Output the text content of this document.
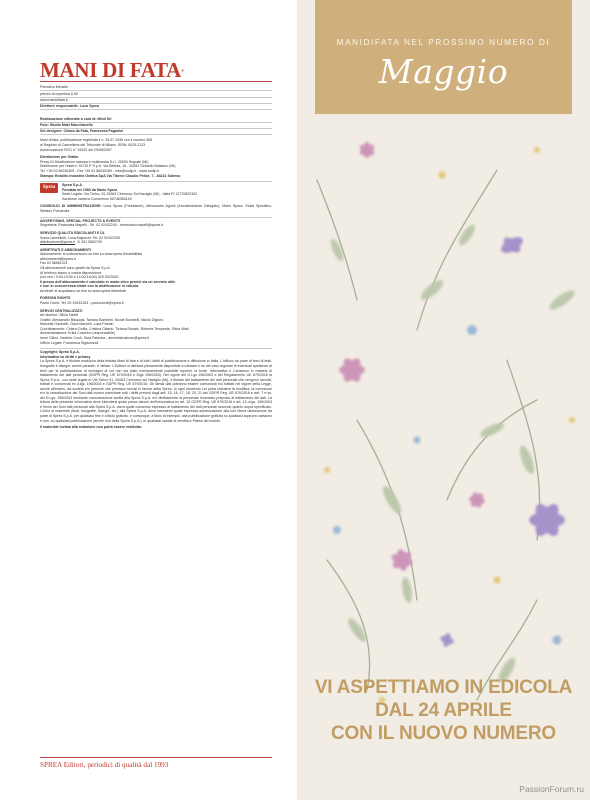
MANI DI FATA®
Periodico Mensile
prezzo di copertina 6,50
www.manidifata.it
Direttore responsabile: Luca Sprea
Realizzazione editoriale a cura di: Mind Srl
Foto: Studio Maki Macchiavello
Set designer: Chiara da Fata, Francesca Paganini
Mani di fata, pubblicazione registrata il n. 28.07.1945 con il numero 306
al Registro di Cancelleria del Tribunale di Milano. ISSN: 0025-2123
Autorizzazione ROC n° 16192 del 29/08/2007
Distributore per l'Italia:
Press-Di Distribuzione stampa e multimedia S.r.l. 20090 Segrate (MI)
Distributore per l'estero: SO.DI.P S.p.A. Via Bettola, 18 - 20092 Cinisello Balsamo (MI)
Tel. +39 02 66030400 - Fax +39 02 66030269 - sies@sodip.it - www.sodip.it
Stampa: Rotolito Industria Grafica SpA Via Tiberio Claudio Felice, 7 - 84131 Salerno
Sprea	Sprea S.p.A.
Fondata nel 1983 da Mario Sprea
Sede Legale: Via Torino, 51 20063 Cernusco Sul Naviglio (MI) - Italia PI 12770820152
Iscrizione camera Commercio 00746350149
CONSIGLIO DI AMMINISTRAZIONE: Luca Sprea (Presidente), Alessandro Agnoli (Amministratore Delegato), Mario Sprea, Giulia Spreafico, Stefano Pomarolla
ADVERTISING, SPECIAL PROJECTS & EVENTS
Segreteria: Emanuela Mapelli - Tel. 02 92432244 - emanuela.mapelli@sprea.it
SERVIZIO QUALITÀ EDICOLANTI E DL
Sonia Lancellotti, Luca Majocchi: Tel. 02 92432295
distribuzione@sprea.it ✆ 351 5582739
ARRETRATI E ABBONAMENTI
Abbonamenti: si sottoscrivono on-line su www.sprea.it/manidifata
abbonamenti@sprea.it
Fax 02 56561221
Gli abbonamenti sono gestiti da Sprea S.p.A.
Al telefono siamo a vostra disposizione
(lun-ven / 9:00-13:00 e 14:00-18:00) 325 3923420
Il prezzo dell'abbonamento è calcolato in modo etico perché sia un servizio utile
e non in concorrenza sleale con la distribuzione in edicola.
Arretrati: si acquistano on-line su www.sprea.it/arretrati
FOREIGN RIGHTS
Paolo Cionti: Tel. 02 92432253 - paolocionti@sprea.it
SERVIZI CENTRALIZZATI
Art director: Silvia Taietti
Grafici: Alessandro Bisquola, Tamara Bombelli, Nicole Bombelli, Nicolò Digiuni,
Marcella Gavinelli, Clara Marcelli, Luca Patrian
Coordinamento: Chiara Civilla, Cristina Cittarin, Tiziana Rosato, Roberta Tempesta, Silvia Vitali
Amministrazione: Erika Colombo (responsabile)
Irene Citino, Desirée Conti, Sara Palestra - amministrazione@sprea.it
Ufficio Legale: Francesca Sigismondi
Copyright: Sprea S.p.A.
Informativa su diritti e privacy
La Sprea S.p.A. è titolare esclusiva della testata Mani di fata e di tutti i diritti di pubblicazione e diffusione in Italia. L'utilizzo da parte di terzi di testi, fotografie e disegni, anche parziale, è vietato. L'Editore si dichiara pienamente disponibile a valutare e se del caso regolare le eventuali spettanze di terzi per la pubblicazione di immagini di cui non sia stato eventualmente possibile reperire la fonte. Informativa e Consenso in materia di trattamento dei dati personali (GDPR Reg. UE 679/2016 e Dlgs 196/2003). Nel vigore del D.Lgs 196/2003 e del Regolamento UE 679/2016 la Sprea S.p.A., con sede legale in Via Torino 51, 20063 Cernusco sul Naviglio (MI), è titolare del trattamento dei dati personali che vengono raccolti, trattati e conservati ex d.lgs. 196/2003 e GDPR Reg. UE 679/2016. Gli stessi dati potranno essere comunicati e/o trattati nel vigore della Legge, anche all'estero, da società e/o persone che prestano servizi in favore della Sprea. In ogni momento Lei potrà chiedere la modifica, la correzione e/o la cancellazione dei Suoi dati ovvero esercitare tutti i diritti previsti dagli artt. 15, 16, 17, 18, 20, 21 del GDPR Reg. UE 679/2016 e artt. 7 e ss. del D.Lgs. 196/2003 mediante comunicazione scritta alla Sprea S.p.A. e/o direttamente al personale Incaricato preposto al trattamento dei dati. La lettura della presente informativa deve intendersi quale presa visione dell'Informativa ex art. 13 GDPR Reg. UE 679/2016 e art. 13 d.lgs. 196/2003 e l'invio dei Suoi dati personali alla Sprea S.p.A. varrà quale consenso espresso al trattamento dei dati personali secondo quanto sopra specificato. L'invio di materiale (testi, fotografie, disegni, etc.) alla Sprea S.p.A. deve intendersi quale espressa autorizzazione alla loro libera utilizzazione da parte di Sprea S.p.A. per qualsiasi fine e a titolo gratuito, e comunque, a titolo di esempio, alla pubblicazione gratuita su qualsiasi supporto cartaceo e non, su qualsiasi pubblicazione (anche non della Sprea S.p.A.), in qualsiasi canale di vendita e Paese del mondo.
Il materiale inviato alla redazione non potrà essere restituito.
SPREA Editori, periodici di qualità dal 1993
MANIDIFATA NEL PROSSIMO NUMERO DI
Maggio
VI ASPETTIAMO IN EDICOLA
DAL 24 APRILE
CON IL NUOVO NUMERO
PassionForum.ru
